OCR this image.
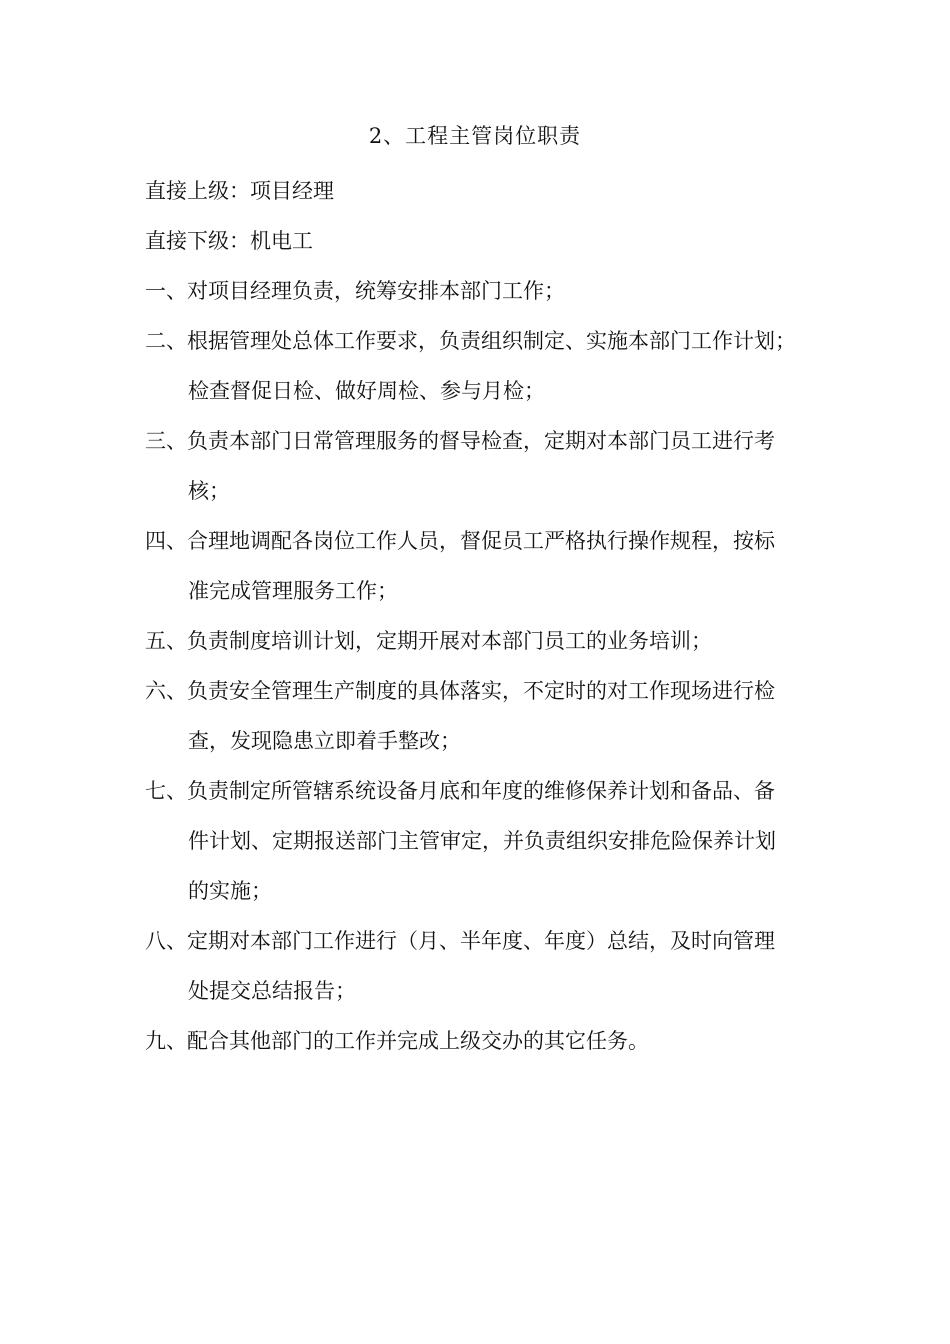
2、工程主管岗位职责
直接上级：项目经理
直接下级：机电工
一、对项目经理负责，统筹安排本部门工作；
二、根据管理处总体工作要求，负责组织制定、实施本部门工作计划；
检查督促日检、做好周检、参与月检；
三、负责本部门日常管理服务的督导检查，定期对本部门员工进行考
核；
四、合理地调配各岗位工作人员，督促员工严格执行操作规程，按标
准完成管理服务工作；
五、负责制度培训计划，定期开展对本部门员工的业务培训；
六、负责安全管理生产制度的具体落实，不定时的对工作现场进行检
查，发现隐患立即着手整改；
七、负责制定所管辖系统设备月底和年度的维修保养计划和备品、备
件计划、定期报送部门主管审定，并负责组织安排危险保养计划
的实施；
八、定期对本部门工作进行（月、半年度、年度）总结，及时向管理
处提交总结报告；
九、配合其他部门的工作并完成上级交办的其它任务。
